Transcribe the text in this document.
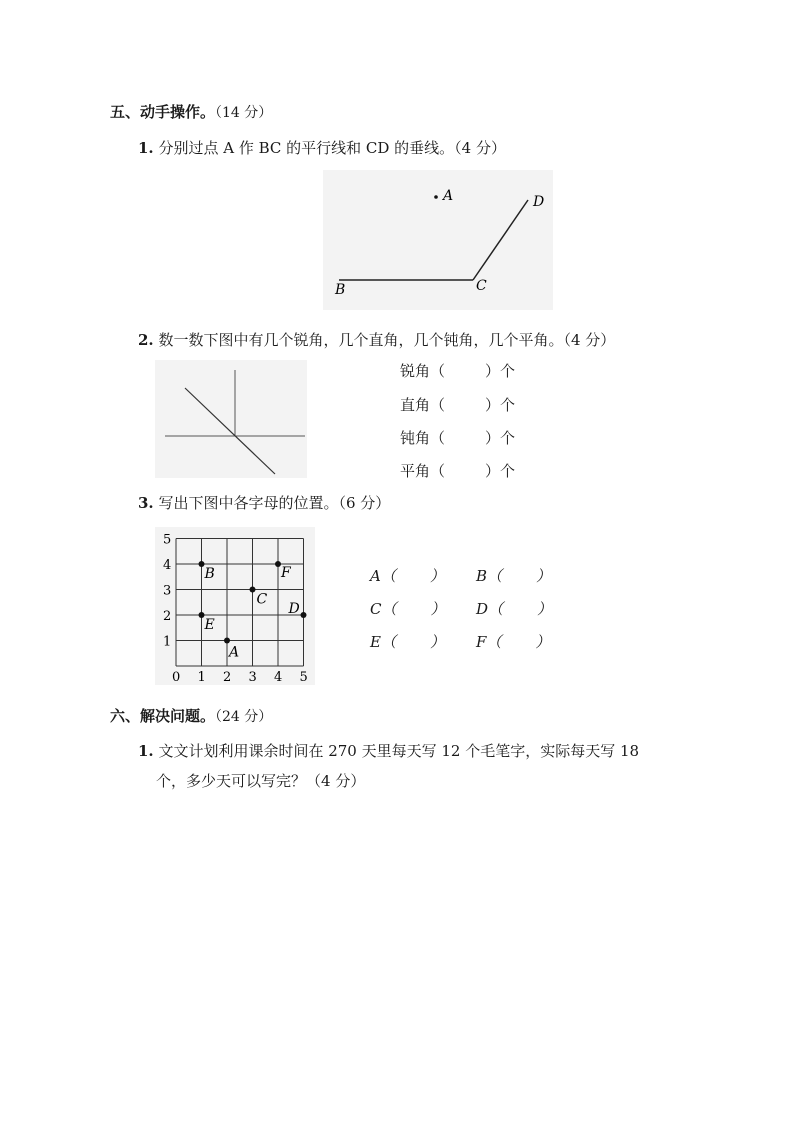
五、动手操作。（14 分）
1. 分别过点 A 作 BC 的平行线和 CD 的垂线。（4 分）
A
B	C
D
2. 数一数下图中有几个锐角，几个直角，几个钝角，几个平角。（4 分）
锐角（	）个
直角（	）个
钝角（	）个
平角（	）个
3. 写出下图中各字母的位置。（6 分）
0 1 2 3 4 5
1
2
3
4
5
A
B
C
D
E
F	A（ ） B（ ）
C（ ） D（ ）
E（ ） F（ ）
六、解决问题。（24 分）
1. 文文计划利用课余时间在 270 天里每天写 12 个毛笔字，实际每天写 18
个，多少天可以写完？（4 分）
